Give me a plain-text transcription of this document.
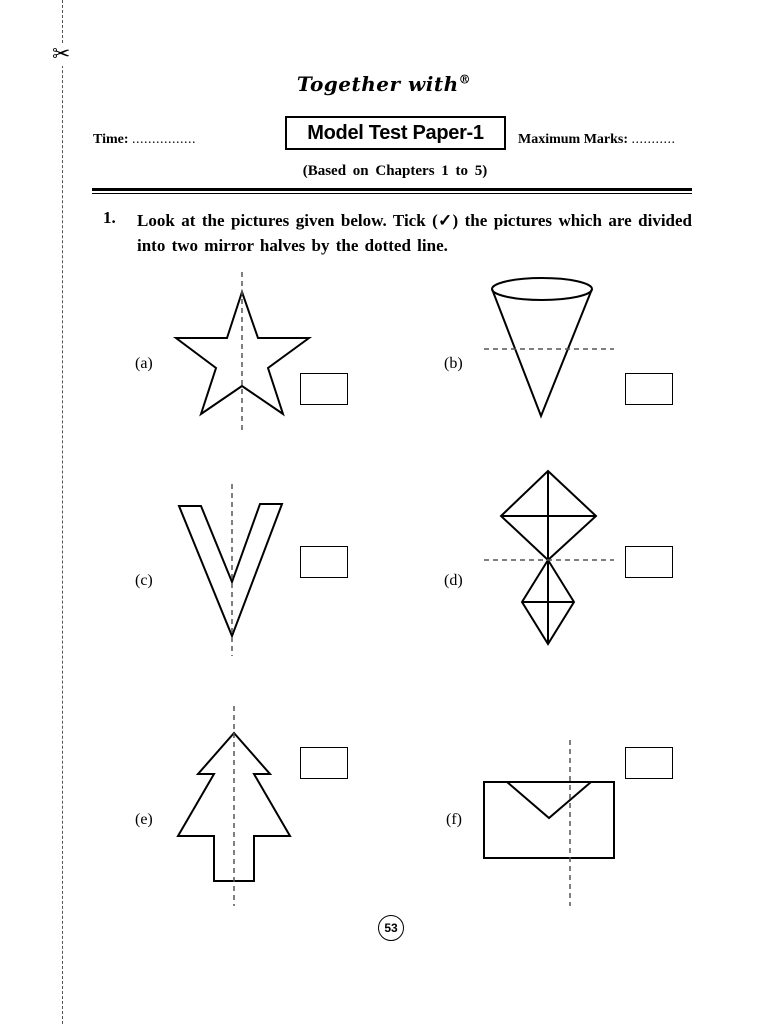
✂
Together with®
Time: ................	Model Test Paper-1	Maximum Marks: ...........
(Based on Chapters 1 to 5)
1. Look at the pictures given below. Tick (✓) the pictures which are divided into two mirror halves by the dotted line.
(a)	(b)
(c)	(d)
(e)	(f)
53
